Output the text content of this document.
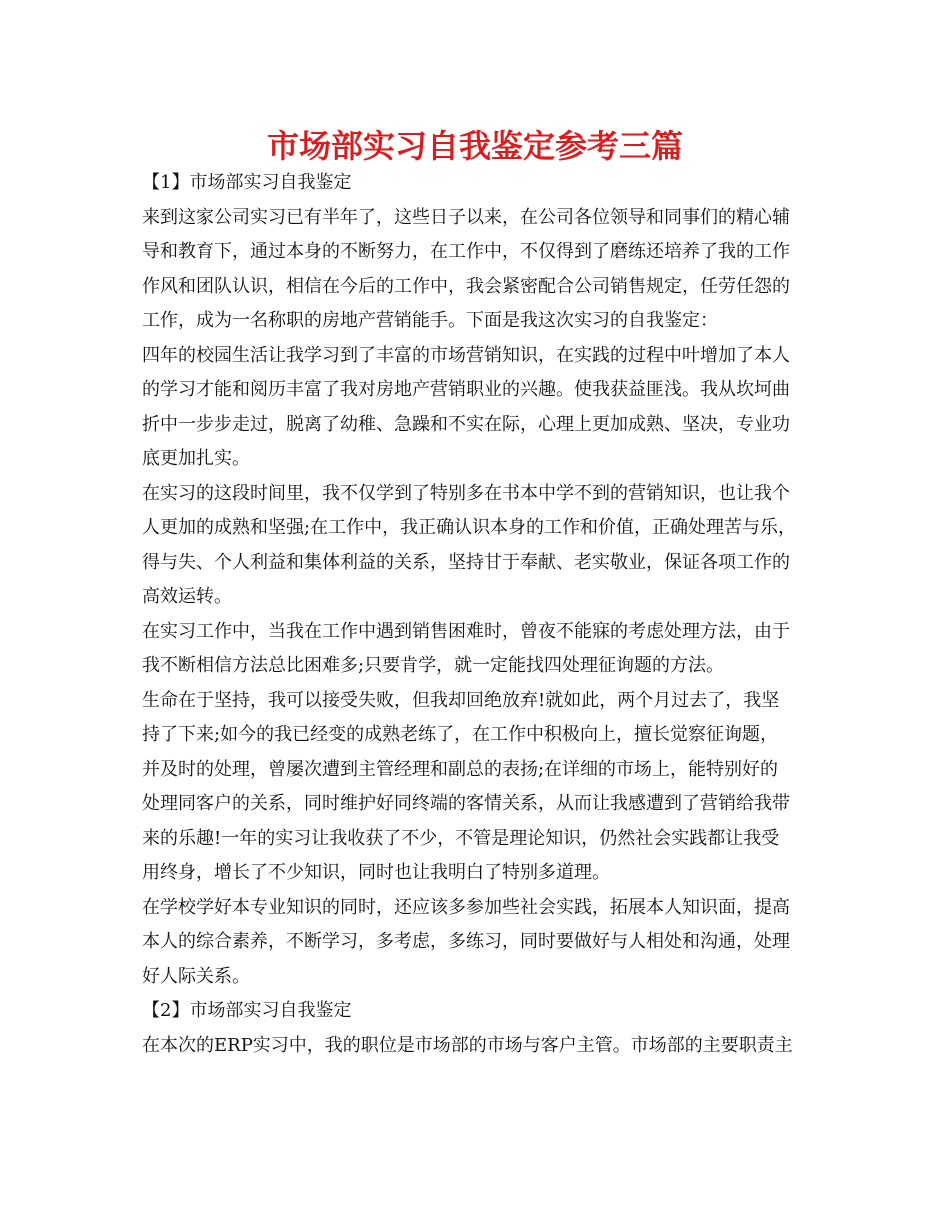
市场部实习自我鉴定参考三篇
【1】市场部实习自我鉴定
来到这家公司实习已有半年了，这些日子以来，在公司各位领导和同事们的精心辅
导和教育下，通过本身的不断努力，在工作中，不仅得到了磨练还培养了我的工作
作风和团队认识，相信在今后的工作中，我会紧密配合公司销售规定，任劳任怨的
工作，成为一名称职的房地产营销能手。下面是我这次实习的自我鉴定：
四年的校园生活让我学习到了丰富的市场营销知识，在实践的过程中叶增加了本人
的学习才能和阅历丰富了我对房地产营销职业的兴趣。使我获益匪浅。我从坎坷曲
折中一步步走过，脱离了幼稚、急躁和不实在际，心理上更加成熟、坚决，专业功
底更加扎实。
在实习的这段时间里，我不仅学到了特别多在书本中学不到的营销知识，也让我个
人更加的成熟和坚强;在工作中，我正确认识本身的工作和价值，正确处理苦与乐，
得与失、个人利益和集体利益的关系，坚持甘于奉献、老实敬业，保证各项工作的
高效运转。
在实习工作中，当我在工作中遇到销售困难时，曾夜不能寐的考虑处理方法，由于
我不断相信方法总比困难多;只要肯学，就一定能找四处理征询题的方法。
生命在于坚持，我可以接受失败，但我却回绝放弃!就如此，两个月过去了，我坚
持了下来;如今的我已经变的成熟老练了，在工作中积极向上，擅长觉察征询题，
并及时的处理，曾屡次遭到主管经理和副总的表扬;在详细的市场上，能特别好的
处理同客户的关系，同时维护好同终端的客情关系，从而让我感遭到了营销给我带
来的乐趣!一年的实习让我收获了不少，不管是理论知识，仍然社会实践都让我受
用终身，增长了不少知识，同时也让我明白了特别多道理。
在学校学好本专业知识的同时，还应该多参加些社会实践，拓展本人知识面，提高
本人的综合素养，不断学习，多考虑，多练习，同时要做好与人相处和沟通，处理
好人际关系。
【2】市场部实习自我鉴定
在本次的ERP实习中，我的职位是市场部的市场与客户主管。市场部的主要职责主
